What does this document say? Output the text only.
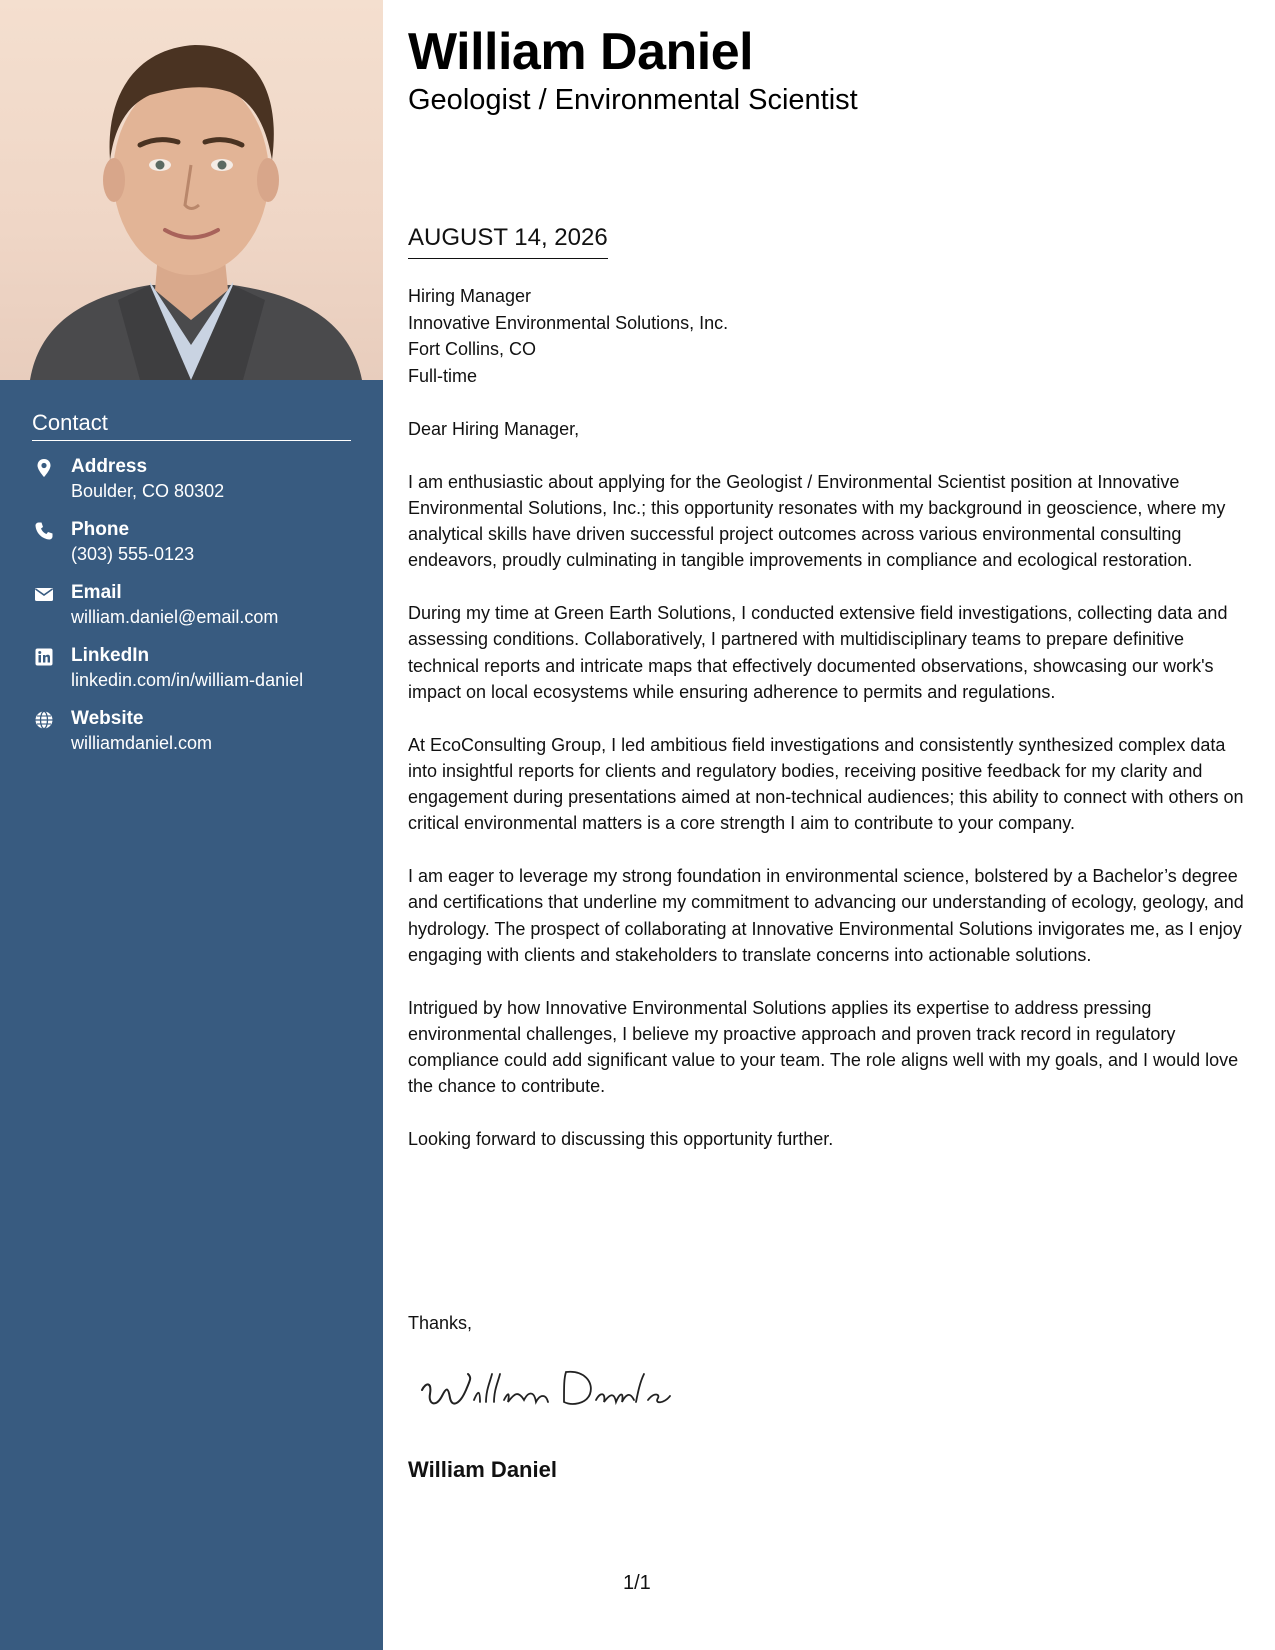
Contact
Address
Boulder, CO 80302
Phone
(303) 555-0123
Email
william.daniel@email.com
LinkedIn
linkedin.com/in/william-daniel
Website
williamdaniel.com
William Daniel
Geologist / Environmental Scientist
AUGUST 14, 2026
Hiring Manager
Innovative Environmental Solutions, Inc.
Fort Collins, CO
Full-time

Dear Hiring Manager,

I am enthusiastic about applying for the Geologist / Environmental Scientist position at Innovative Environmental Solutions, Inc.; this opportunity resonates with my background in geoscience, where my analytical skills have driven successful project outcomes across various environmental consulting endeavors, proudly culminating in tangible improvements in compliance and ecological restoration.

During my time at Green Earth Solutions, I conducted extensive field investigations, collecting data and assessing conditions. Collaboratively, I partnered with multidisciplinary teams to prepare definitive technical reports and intricate maps that effectively documented observations, showcasing our work's impact on local ecosystems while ensuring adherence to permits and regulations.

At EcoConsulting Group, I led ambitious field investigations and consistently synthesized complex data into insightful reports for clients and regulatory bodies, receiving positive feedback for my clarity and engagement during presentations aimed at non-technical audiences; this ability to connect with others on critical environmental matters is a core strength I aim to contribute to your company.

I am eager to leverage my strong foundation in environmental science, bolstered by a Bachelor’s degree and certifications that underline my commitment to advancing our understanding of ecology, geology, and hydrology. The prospect of collaborating at Innovative Environmental Solutions invigorates me, as I enjoy engaging with clients and stakeholders to translate concerns into actionable solutions.

Intrigued by how Innovative Environmental Solutions applies its expertise to address pressing environmental challenges, I believe my proactive approach and proven track record in regulatory compliance could add significant value to your team. The role aligns well with my goals, and I would love the chance to contribute.

Looking forward to discussing this opportunity further.

Thanks,
William Daniel
1/1
